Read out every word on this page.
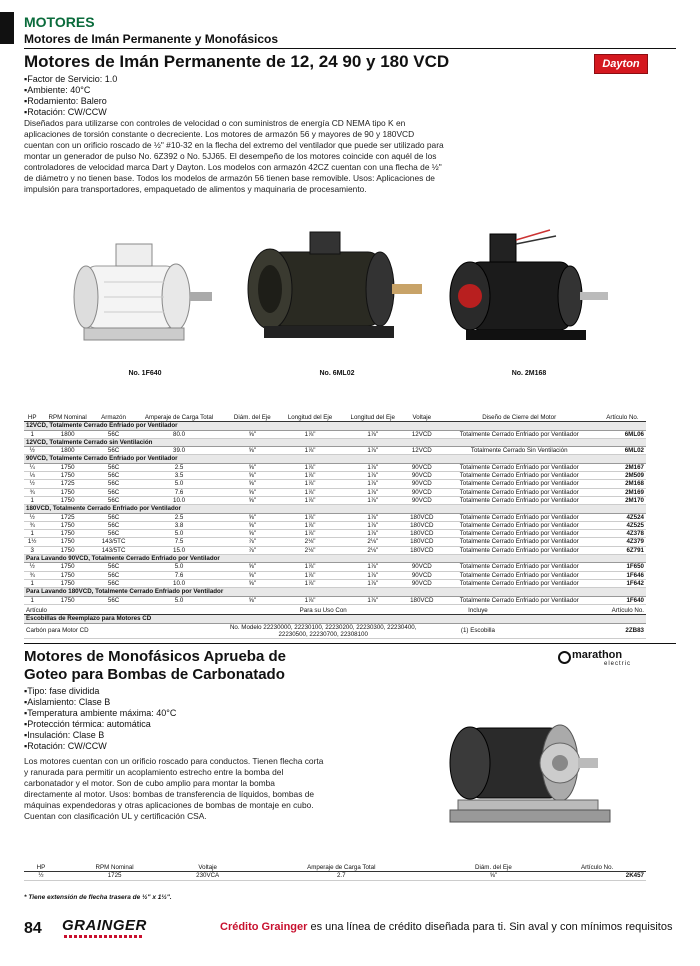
MOTORES
Motores de Imán Permanente y Monofásicos
Motores de Imán Permanente de 12, 24 90 y 180 VCD	Dayton
▪ Factor de Servicio: 1.0
▪ Ambiente: 40°C
▪ Rodamiento: Balero
▪ Rotación: CW/CCW
Diseñados para utilizarse con controles de velocidad o con suministros de energía CD NEMA tipo K en aplicaciones de torsión constante o decreciente. Los motores de armazón 56 y mayores de 90 y 180VCD cuentan con un orificio roscado de ½" #10-32 en la flecha del extremo del ventilador que puede ser utilizado para montar un generador de pulso No. 6Z392 o No. 5JJ65. El desempeño de los motores coincide con aquél de los controladores de velocidad marca Dart y Dayton. Los modelos con armazón 42CZ cuentan con una flecha de ½" de diámetro y no tienen base. Todos los modelos de armazón 56 tienen base removible. Usos: Aplicaciones de impulsión para transportadores, empaquetado de alimentos y maquinaria de procesamiento.
No. 1F640	No. 6ML02	No. 2M168
HP	RPM Nominal	Armazón	Amperaje de Carga Total	Diám. del Eje	Longitud del Eje	Longitud del Eje	Voltaje	Diseño de Cierre del Motor	Artículo No.
12VCD, Totalmente Cerrado Enfriado por Ventilador									
1	1800	56C	80.0	⅝"	1⅞"	1⅞"	12VCD	Totalmente Cerrado Enfriado por Ventilador	6ML06
12VCD, Totalmente Cerrado sin Ventilación									
½	1800	56C	39.0	⅝"	1⅞"	1⅞"	12VCD	Totalmente Cerrado Sin Ventilación	6ML02
90VCD, Totalmente Cerrado Enfriado por Ventilador									
¼	1750	56C	2.5	⅝"	1⅞"	1⅞"	90VCD	Totalmente Cerrado Enfriado por Ventilador	2M167
⅓	1750	56C	3.5	⅝"	1⅞"	1⅞"	90VCD	Totalmente Cerrado Enfriado por Ventilador	2M509
½	1725	56C	5.0	⅝"	1⅞"	1⅞"	90VCD	Totalmente Cerrado Enfriado por Ventilador	2M168
¾	1750	56C	7.6	⅝"	1⅞"	1⅞"	90VCD	Totalmente Cerrado Enfriado por Ventilador	2M169
1	1750	56C	10.0	⅝"	1⅞"	1⅞"	90VCD	Totalmente Cerrado Enfriado por Ventilador	2M170
180VCD, Totalmente Cerrado Enfriado por Ventilador									
½	1725	56C	2.5	⅝"	1⅞"	1⅞"	180VCD	Totalmente Cerrado Enfriado por Ventilador	4Z524
¾	1750	56C	3.8	⅝"	1⅞"	1⅞"	180VCD	Totalmente Cerrado Enfriado por Ventilador	4Z525
1	1750	56C	5.0	⅝"	1⅞"	1⅞"	180VCD	Totalmente Cerrado Enfriado por Ventilador	4Z378
1½	1750	143/5TC	7.5	⅞"	2⅛"	2⅛"	180VCD	Totalmente Cerrado Enfriado por Ventilador	4Z379
3	1750	143/5TC	15.0	⅞"	2⅛"	2⅛"	180VCD	Totalmente Cerrado Enfriado por Ventilador	6Z791
Para Lavando 90VCD, Totalmente Cerrado Enfriado por Ventilador									
½	1750	56C	5.0	⅝"	1⅞"	1⅞"	90VCD	Totalmente Cerrado Enfriado por Ventilador	1F650
¾	1750	56C	7.6	⅝"	1⅞"	1⅞"	90VCD	Totalmente Cerrado Enfriado por Ventilador	1F646
1	1750	56C	10.0	⅝"	1⅞"	1⅞"	90VCD	Totalmente Cerrado Enfriado por Ventilador	1F642
Para Lavando 180VCD, Totalmente Cerrado Enfriado por Ventilador									
1	1750	56C	5.0	⅝"	1⅞"	1⅞"	180VCD	Totalmente Cerrado Enfriado por Ventilador	1F640
Artículo	Para su Uso Con	Incluye	Artículo No.
Escobillas de Reemplazo para Motores CD			
Carbón para Motor CD	No. Modelo 22230000, 22230100, 22230200, 22230300, 22230400, 22230500, 22230700, 22308100	(1) Escobilla	2ZB83
Motores de Monofásicos Aprueba de Goteo para Bombas de Carbonatado
marathon
electric
▪ Tipo: fase dividida
▪ Aislamiento: Clase B
▪ Temperatura ambiente máxima: 40°C
▪ Protección térmica: automática
▪ Insulación: Clase B
▪ Rotación: CW/CCW
Los motores cuentan con un orificio roscado para conductos. Tienen flecha corta y ranurada para permitir un acoplamiento estrecho entre la bomba del carbonatador y el motor. Son de cubo amplio para montar la bomba directamente al motor. Usos: bombas de transferencia de líquidos, bombas de máquinas expendedoras y otras aplicaciones de bombas de montaje en cubo. Cuentan con clasificación UL y certificación CSA.
HP	RPM Nominal	Voltaje	Amperaje de Carga Total	Diám. del Eje	Artículo No.
½	1725	230VCA	2.7	⅝"	2K457
* Tiene extensión de flecha trasera de ½" x 1½".
84 GRAINGER	Crédito Grainger es una línea de crédito diseñada para ti. Sin aval y con mínimos requisitos
